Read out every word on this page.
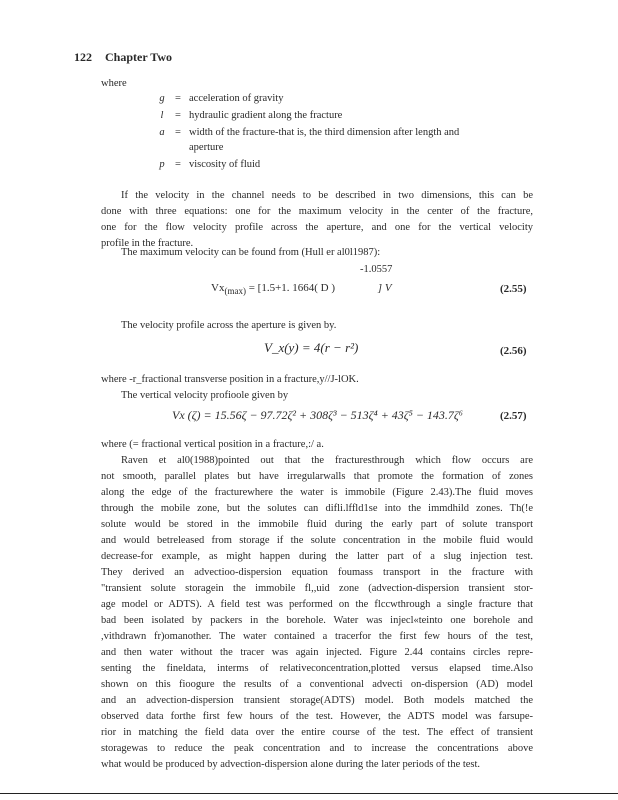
122 Chapter Two
where
g = acceleration of gravity
l = hydraulic gradient along the fracture
a = width of the fracture-that is, the third dimension after length and
aperture
p = viscosity of fluid
If the velocity in the channel needs to be described in two dimensions, this can be
done with three equations: one for the maximum velocity in the center of the fracture,
one for the flow velocity profile across the aperture, and one for the vertical velocity
profile in the fracture.
The maximum velocity can be found from (Hull er al0l1987):
-1.0557
$Vx_{(max)} = [1.5+1$. 1664( D )	] V	(2.55)
The velocity profile across the aperture is given by.
V_x(y) = 4(r − r²)	(2.56)
where -r_fractional transverse position in a fracture,y//J-lOK.
The vertical velocity profioole given by
Vx (ζ) = 15.56ζ − 97.72ζ² + 308ζ³ − 513ζ⁴ + 43ζ⁵ − 143.7ζ⁶	(2.57)
where (= fractional vertical position in a fracture,:/ a.
Raven et al0(1988)pointed out that the fracturesthrough which flow occurs are
not smooth, parallel plates but have irregularwalls that promote the formation of zones
along the edge of the fracturewhere the water is immobile (Figure 2.43).The fluid moves
through the mobile zone, but the solutes can difli.lffld1se into the immdhild zones. Th(!e
solute would be stored in the immobile fluid during the early part of solute transport
and would betreleased from storage if the solute concentration in the mobile fluid would
decrease-for example, as might happen during the latter part of a slug injection test.
They derived an advectioo-dispersion equation foumass transport in the fracture with
"transient solute storagein the immobile fl,,uid zone (advection-dispersion transient stor-
age model or ADTS). A field test was performed on the flccwthrough a single fracture that
bad been isolated by packers in the borehole. Water was injecl«teinto one borehole and
,vithdrawn fr)omanother. The water contained a tracerfor the first few hours of the test,
and then water without the tracer was again injected. Figure 2.44 contains circles repre-
senting the fineldata, interms of relativeconcentration,plotted versus elapsed time.Also
shown on this fioogure the results of a conventional advecti on-dispersion (AD) model
and an advection-dispersion transient storage(ADTS) model. Both models matched the
observed data forthe first few hours of the test. However, the ADTS model was farsupe-
rior in matching the field data over the entire course of the test. The effect of transient
storagewas to reduce the peak concentration and to increase the concentrations above
what would be produced by advection-dispersion alone during the later periods of the test.
